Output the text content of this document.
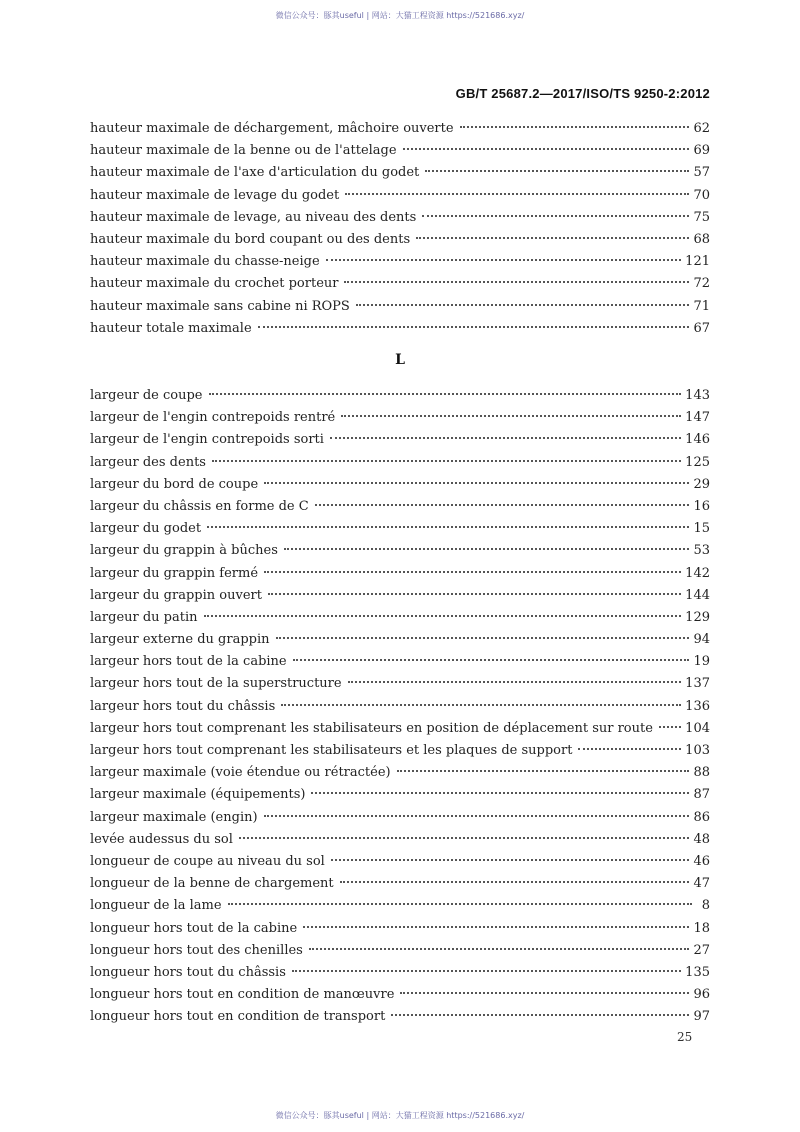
微信公众号：豚其useful | 网站：大猫工程资源 https://521686.xyz/
GB/T 25687.2—2017/ISO/TS 9250-2:2012
hauteur maximale de déchargement, mâchoire ouverte	62
hauteur maximale de la benne ou de l'attelage	69
hauteur maximale de l'axe d'articulation du godet	57
hauteur maximale de levage du godet	70
hauteur maximale de levage, au niveau des dents	75
hauteur maximale du bord coupant ou des dents	68
hauteur maximale du chasse-neige	121
hauteur maximale du crochet porteur	72
hauteur maximale sans cabine ni ROPS	71
hauteur totale maximale	67
L
largeur de coupe	143
largeur de l'engin contrepoids rentré	147
largeur de l'engin contrepoids sorti	146
largeur des dents	125
largeur du bord de coupe	29
largeur du châssis en forme de C	16
largeur du godet	15
largeur du grappin à bûches	53
largeur du grappin fermé	142
largeur du grappin ouvert	144
largeur du patin	129
largeur externe du grappin	94
largeur hors tout de la cabine	19
largeur hors tout de la superstructure	137
largeur hors tout du châssis	136
largeur hors tout comprenant les stabilisateurs en position de déplacement sur route 104
largeur hors tout comprenant les stabilisateurs et les plaques de support	103
largeur maximale (voie étendue ou rétractée)	88
largeur maximale (équipements)	87
largeur maximale (engin)	86
levée audessus du sol	48
longueur de coupe au niveau du sol	46
longueur de la benne de chargement	47
longueur de la lame	8
longueur hors tout de la cabine	18
longueur hors tout des chenilles	27
longueur hors tout du châssis	135
longueur hors tout en condition de manœuvre	96
longueur hors tout en condition de transport	97
25
微信公众号：豚其useful | 网站：大猫工程资源 https://521686.xyz/
